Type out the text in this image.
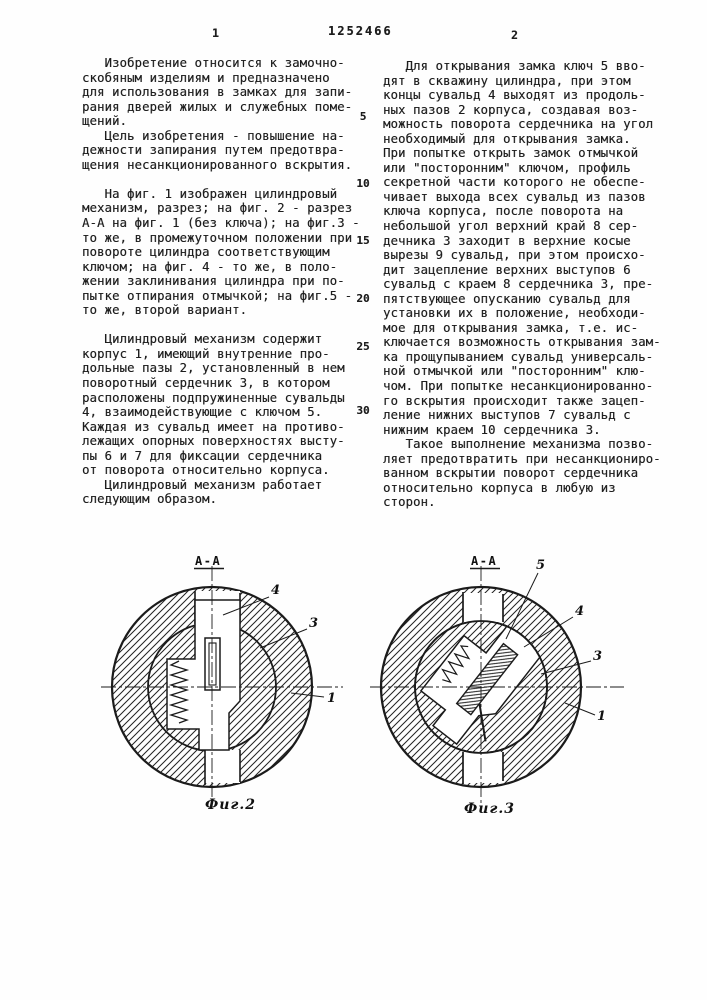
1	1252466	2
Изобретение относится к замочно-
скобяным изделиям и предназначено
для использования в замках для запи-
рания дверей жилых и служебных поме-
щений.
Цель изобретения - повышение на-
дежности запирания путем предотвра-
щения несанкционированного вскрытия.
На фиг. 1 изображен цилиндровый
механизм, разрез; на фиг. 2 - разрез
А-А на фиг. 1 (без ключа); на фиг.3 -
то же, в промежуточном положении при
повороте цилиндра соответствующим
ключом; на фиг. 4 - то же, в поло-
жении заклинивания цилиндра при по-
пытке отпирания отмычкой; на фиг.5 -
то же, второй вариант.
Цилиндровый механизм содержит
корпус 1, имеющий внутренние про-
дольные пазы 2, установленный в нем
поворотный сердечник 3, в котором
расположены подпружиненные сувальды
4, взаимодействующие с ключом 5.
Каждая из сувальд имеет на противо-
лежащих опорных поверхностях высту-
пы 6 и 7 для фиксации сердечника
от поворота относительно корпуса.
Цилиндровый механизм работает
следующим образом.
Для открывания замка ключ 5 вво-
дят в скважину цилиндра, при этом
концы сувальд 4 выходят из продоль-
ных пазов 2 корпуса, создавая воз-
можность поворота сердечника на угол
необходимый для открывания замка.
При попытке открыть замок отмычкой
или "посторонним" ключом, профиль
секретной части которого не обеспе-
чивает выхода всех сувальд из пазов
ключа корпуса, после поворота на
небольшой угол верхний край 8 сер-
дечника 3 заходит в верхние косые
вырезы 9 сувальд, при этом происхо-
дит зацепление верхних выступов 6
сувальд с краем 8 сердечника 3, пре-
пятствующее опусканию сувальд для
установки их в положение, необходи-
мое для открывания замка, т.е. ис-
ключается возможность открывания зам-
ка прощупыванием сувальд универсаль-
ной отмычкой или "посторонним" клю-
чом. При попытке несанкционированно-
го вскрытия происходит также зацеп-
ление нижних выступов 7 сувальд с
нижним краем 10 сердечника 3.
Такое выполнение механизма позво-
ляет предотвратить при несанкциониро-
ванном вскрытии поворот сердечника
относительно корпуса в любую из
сторон.
5
10
15
20
25
30
А-А
4
3
1
Фиг.2
А-А	5
4
3
1
Фиг.3
